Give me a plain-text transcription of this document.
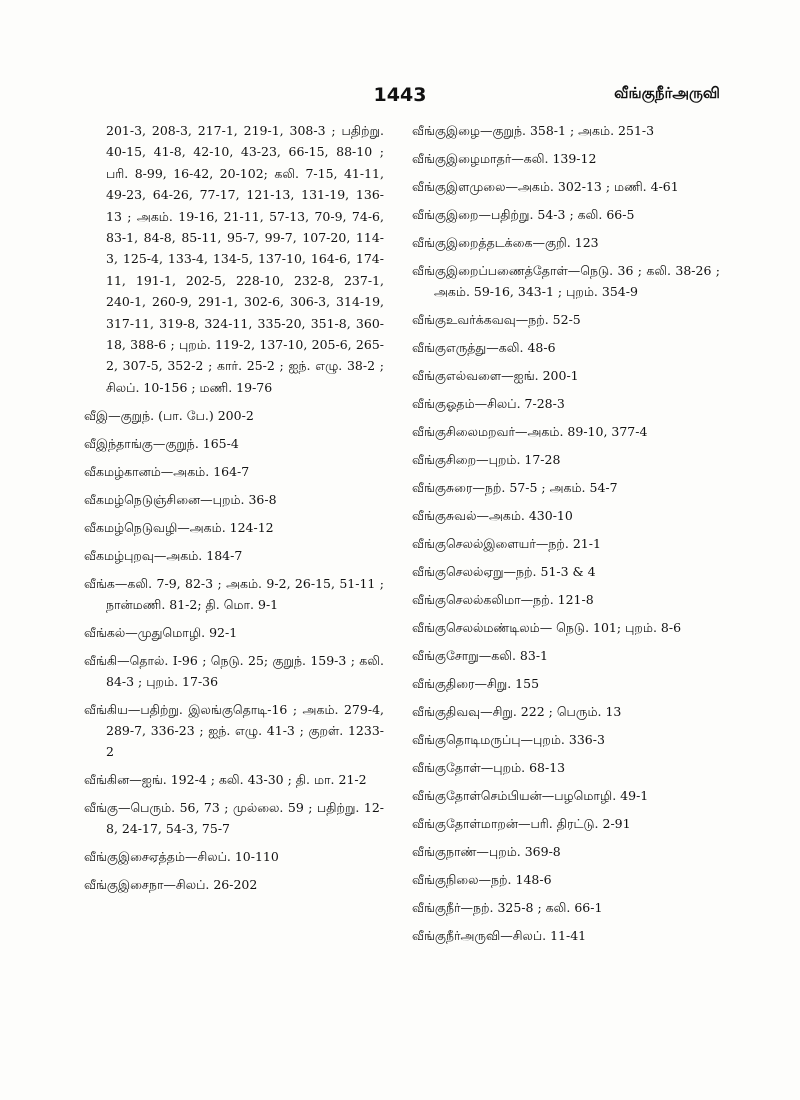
1443	வீங்குநீர்அருவி
201-3, 208-3, 217-1, 219-1, 308-3 ; பதிற்று. 40-15, 41-8, 42-10, 43-23, 66-15, 88-10 ; பரி. 8-99, 16-42, 20-102; கலி. 7-15, 41-11, 49-23, 64-26, 77-17, 121-13, 131-19, 136-13 ; அகம். 19-16, 21-11, 57-13, 70-9, 74-6, 83-1, 84-8, 85-11, 95-7, 99-7, 107-20, 114-3, 125-4, 133-4, 134-5, 137-10, 164-6, 174-11, 191-1, 202-5, 228-10, 232-8, 237-1, 240-1, 260-9, 291-1, 302-6, 306-3, 314-19, 317-11, 319-8, 324-11, 335-20, 351-8, 360-18, 388-6 ; புறம். 119-2, 137-10, 205-6, 265-2, 307-5, 352-2 ; கார். 25-2 ; ஐந். எழு. 38-2 ; சிலப். 10-156 ; மணி. 19-76
வீஇ—குறுந். (பா. பே.) 200-2
வீஇந்தாங்கு—குறுந். 165-4
வீகமழ்கானம்—அகம். 164-7
வீகமழ்நெடுஞ்சினை—புறம். 36-8
வீகமழ்நெடுவழி—அகம். 124-12
வீகமழ்புறவு—அகம். 184-7
வீங்க—கலி. 7-9, 82-3 ; அகம். 9-2, 26-15, 51-11 ; நான்மணி. 81-2; தி. மொ. 9-1
வீங்கல்—முதுமொழி. 92-1
வீங்கி—தொல். I-96 ; நெடு. 25; குறுந். 159-3 ; கலி. 84-3 ; புறம். 17-36
வீங்கிய—பதிற்று. இலங்குதொடி-16 ; அகம். 279-4, 289-7, 336-23 ; ஐந். எழு. 41-3 ; குறள். 1233-2
வீங்கின—ஐங். 192-4 ; கலி. 43-30 ; தி. மா. 21-2
வீங்கு—பெரும். 56, 73 ; முல்லை. 59 ; பதிற்று. 12-8, 24-17, 54-3, 75-7
வீங்குஇசைஏத்தம்—சிலப். 10-110
வீங்குஇசைநா—சிலப். 26-202
வீங்குஇழை—குறுந். 358-1 ; அகம். 251-3
வீங்குஇழைமாதர்—கலி. 139-12
வீங்குஇளமுலை—அகம். 302-13 ; மணி. 4-61
வீங்குஇறை—பதிற்று. 54-3 ; கலி. 66-5
வீங்குஇறைத்தடக்கை—குறி. 123
வீங்குஇறைப்பணைத்தோள்—நெடு. 36 ; கலி. 38-26 ; அகம். 59-16, 343-1 ; புறம். 354-9
வீங்குஉவர்க்கவவு—நற். 52-5
வீங்குஎருத்து—கலி. 48-6
வீங்குஎல்வளை—ஐங். 200-1
வீங்குஓதம்—சிலப். 7-28-3
வீங்குசிலைமறவர்—அகம். 89-10, 377-4
வீங்குசிறை—புறம். 17-28
வீங்குசுரை—நற். 57-5 ; அகம். 54-7
வீங்குசுவல்—அகம். 430-10
வீங்குசெலல்இளையர்—நற். 21-1
வீங்குசெலல்ஏறு—நற். 51-3 & 4
வீங்குசெலல்கலிமா—நற். 121-8
வீங்குசெலல்மண்டிலம்— நெடு. 101; புறம். 8-6
வீங்குசோறு—கலி. 83-1
வீங்குதிரை—சிறு. 155
வீங்குதிவவு—சிறு. 222 ; பெரும். 13
வீங்குதொடிமருப்பு—புறம். 336-3
வீங்குதோள்—புறம். 68-13
வீங்குதோள்செம்பியன்—பழமொழி. 49-1
வீங்குதோள்மாறன்—பரி. திரட்டு. 2-91
வீங்குநாண்—புறம். 369-8
வீங்குநிலை—நற். 148-6
வீங்குநீர்—நற். 325-8 ; கலி. 66-1
வீங்குநீர்அருவி—சிலப். 11-41
